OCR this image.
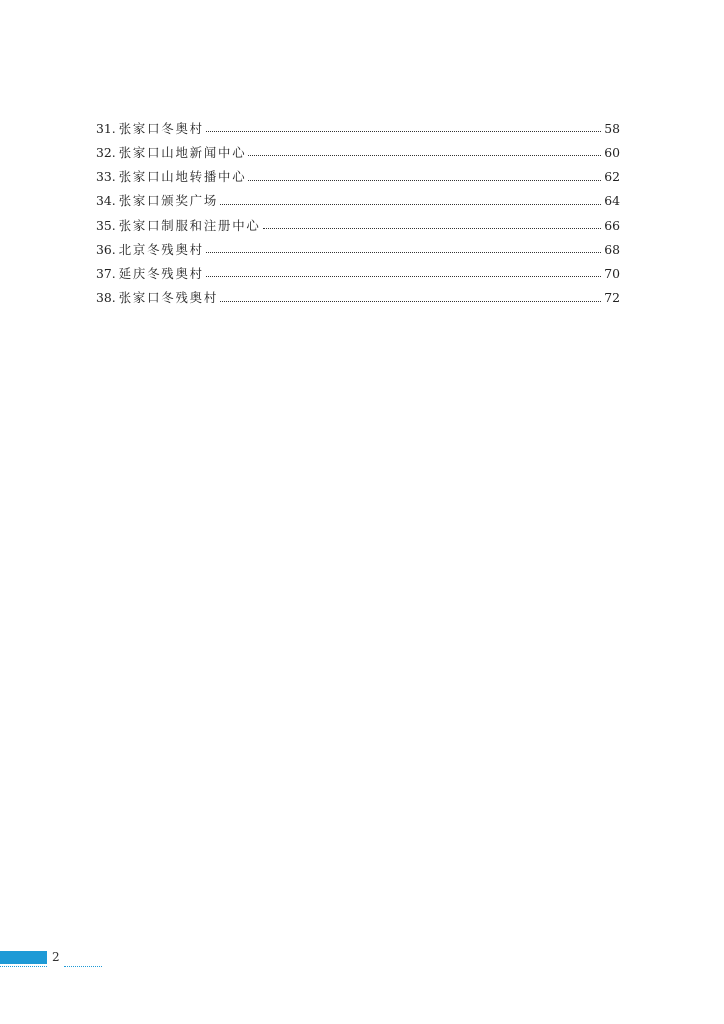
31. 张家口冬奥村	58
32. 张家口山地新闻中心	60
33. 张家口山地转播中心	62
34. 张家口颁奖广场	64
35. 张家口制服和注册中心	66
36. 北京冬残奥村	68
37. 延庆冬残奥村	70
38. 张家口冬残奥村	72
2
